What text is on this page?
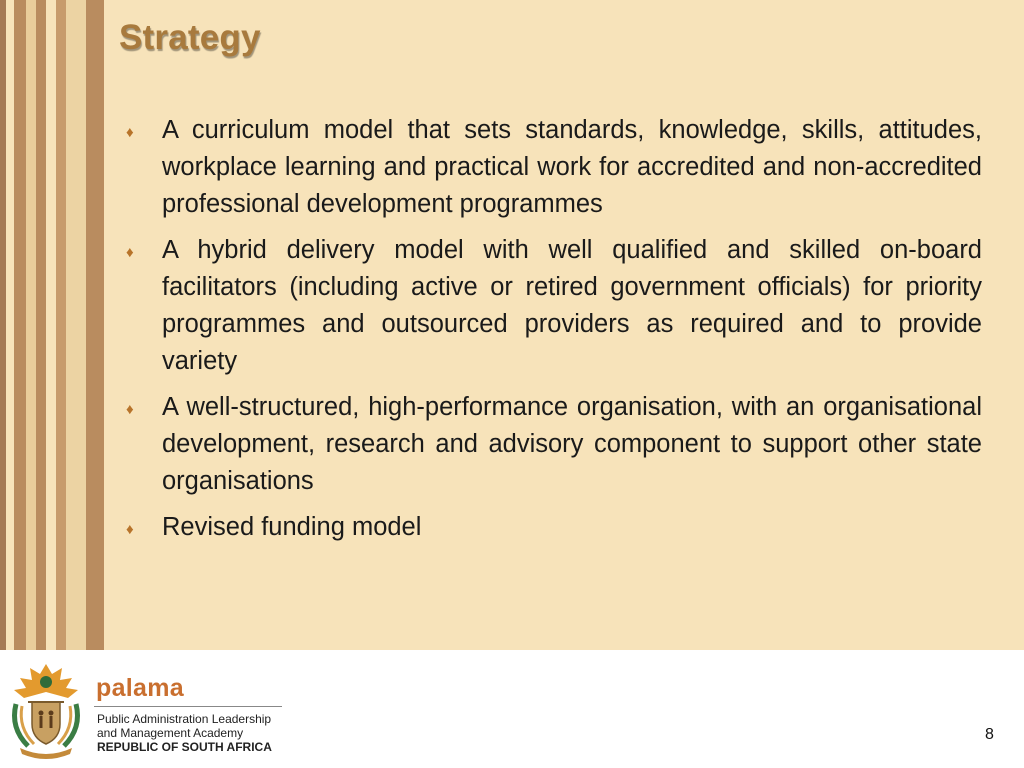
Strategy
♦	A curriculum model that sets standards, knowledge, skills, attitudes, workplace learning and practical work for accredited and non-accredited professional development programmes
♦	A hybrid delivery model with well qualified and skilled on-board facilitators (including active or retired government officials) for priority programmes and outsourced providers as required and to provide variety
♦	A well-structured, high-performance organisation, with an organisational development, research and advisory component to support other state organisations
♦	Revised funding model
palama
Public Administration Leadership
and Management Academy
REPUBLIC OF SOUTH AFRICA
8
